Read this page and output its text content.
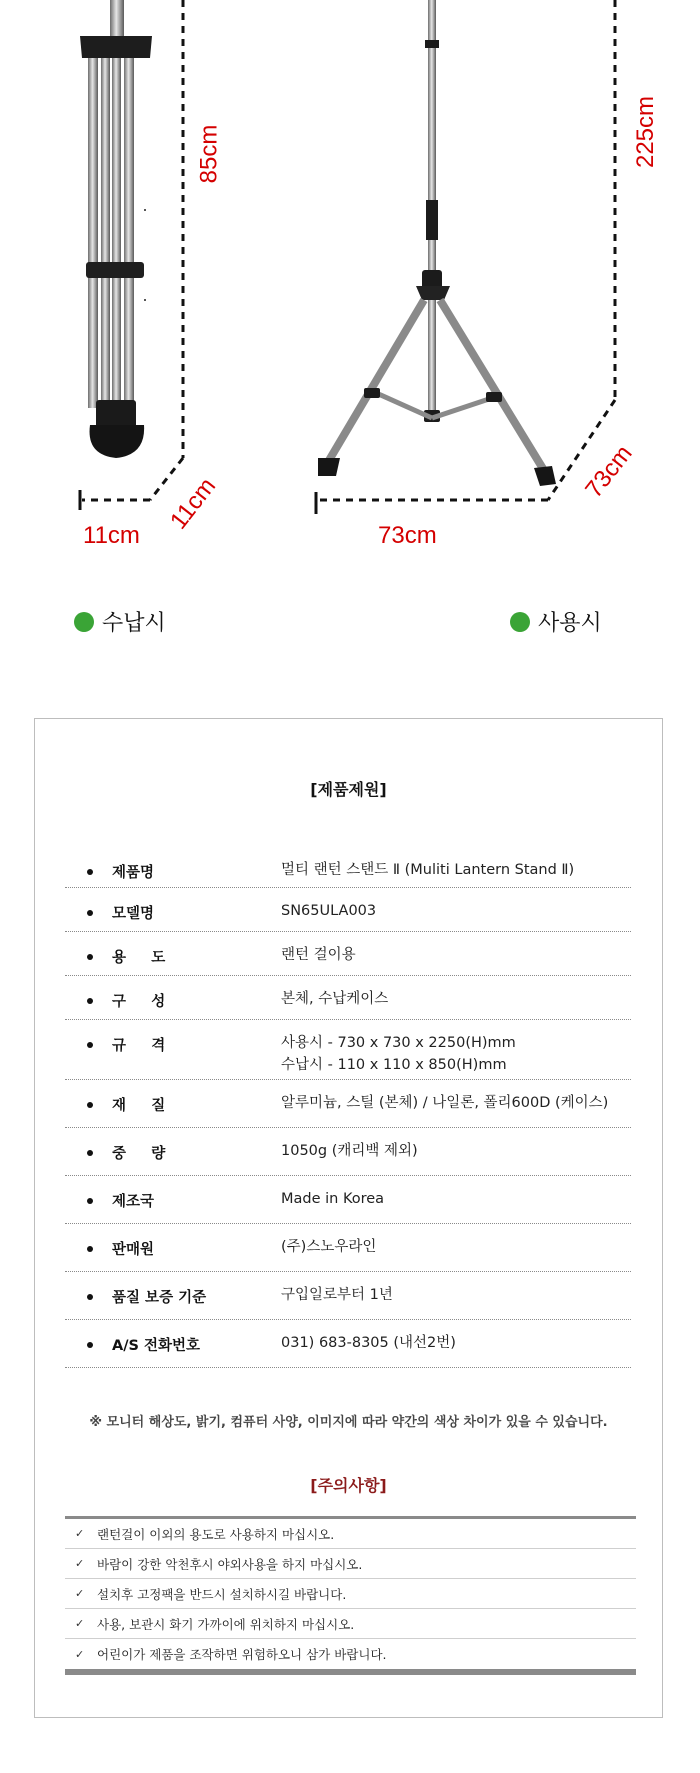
85cm	225cm
11cm
11cm
73cm
73cm
수납시	사용시
[제품제원]
제품명	멀티 랜턴 스탠드 Ⅱ (Muliti Lantern Stand Ⅱ)
모델명	SN65ULA003
용     도	랜턴 걸이용
구     성	본체, 수납케이스
규     격	사용시 - 730 x 730 x 2250(H)mm
수납시 - 110 x 110 x 850(H)mm
재     질	알루미늄, 스틸 (본체) / 나일론, 폴리600D (케이스)
중     량	1050g (캐리백 제외)
제조국	Made in Korea
판매원	(주)스노우라인
품질 보증 기준	구입일로부터 1년
A/S 전화번호	031) 683-8305 (내선2번)
※ 모니터 해상도, 밝기, 컴퓨터 사양, 이미지에 따라 약간의 색상 차이가 있을 수 있습니다.
[주의사항]
✓ 랜턴걸이 이외의 용도로 사용하지 마십시오.
✓ 바람이 강한 악천후시 야외사용을 하지 마십시오.
✓ 설치후 고정팩을 반드시 설치하시길 바랍니다.
✓ 사용, 보관시 화기 가까이에 위치하지 마십시오.
✓ 어린이가 제품을 조작하면 위험하오니 삼가 바랍니다.
